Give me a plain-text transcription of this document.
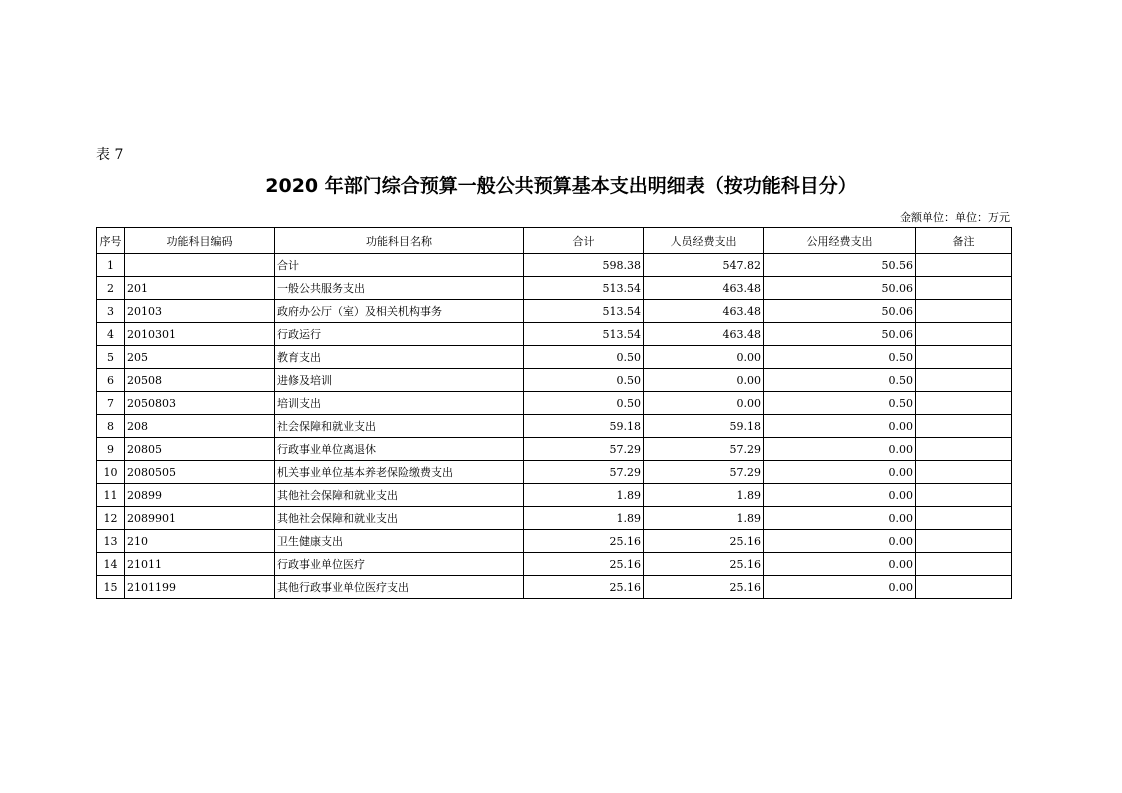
表 7
2020 年部门综合预算一般公共预算基本支出明细表（按功能科目分）
金额单位：单位：万元
序号	功能科目编码	功能科目名称	合计	人员经费支出	公用经费支出	备注
1		合计	598.38	547.82	50.56	
2	201	一般公共服务支出	513.54	463.48	50.06	
3	20103	政府办公厅（室）及相关机构事务	513.54	463.48	50.06	
4	2010301	行政运行	513.54	463.48	50.06	
5	205	教育支出	0.50	0.00	0.50	
6	20508	进修及培训	0.50	0.00	0.50	
7	2050803	培训支出	0.50	0.00	0.50	
8	208	社会保障和就业支出	59.18	59.18	0.00	
9	20805	行政事业单位离退休	57.29	57.29	0.00	
10	2080505	机关事业单位基本养老保险缴费支出	57.29	57.29	0.00	
11	20899	其他社会保障和就业支出	1.89	1.89	0.00	
12	2089901	其他社会保障和就业支出	1.89	1.89	0.00	
13	210	卫生健康支出	25.16	25.16	0.00	
14	21011	行政事业单位医疗	25.16	25.16	0.00	
15	2101199	其他行政事业单位医疗支出	25.16	25.16	0.00	
